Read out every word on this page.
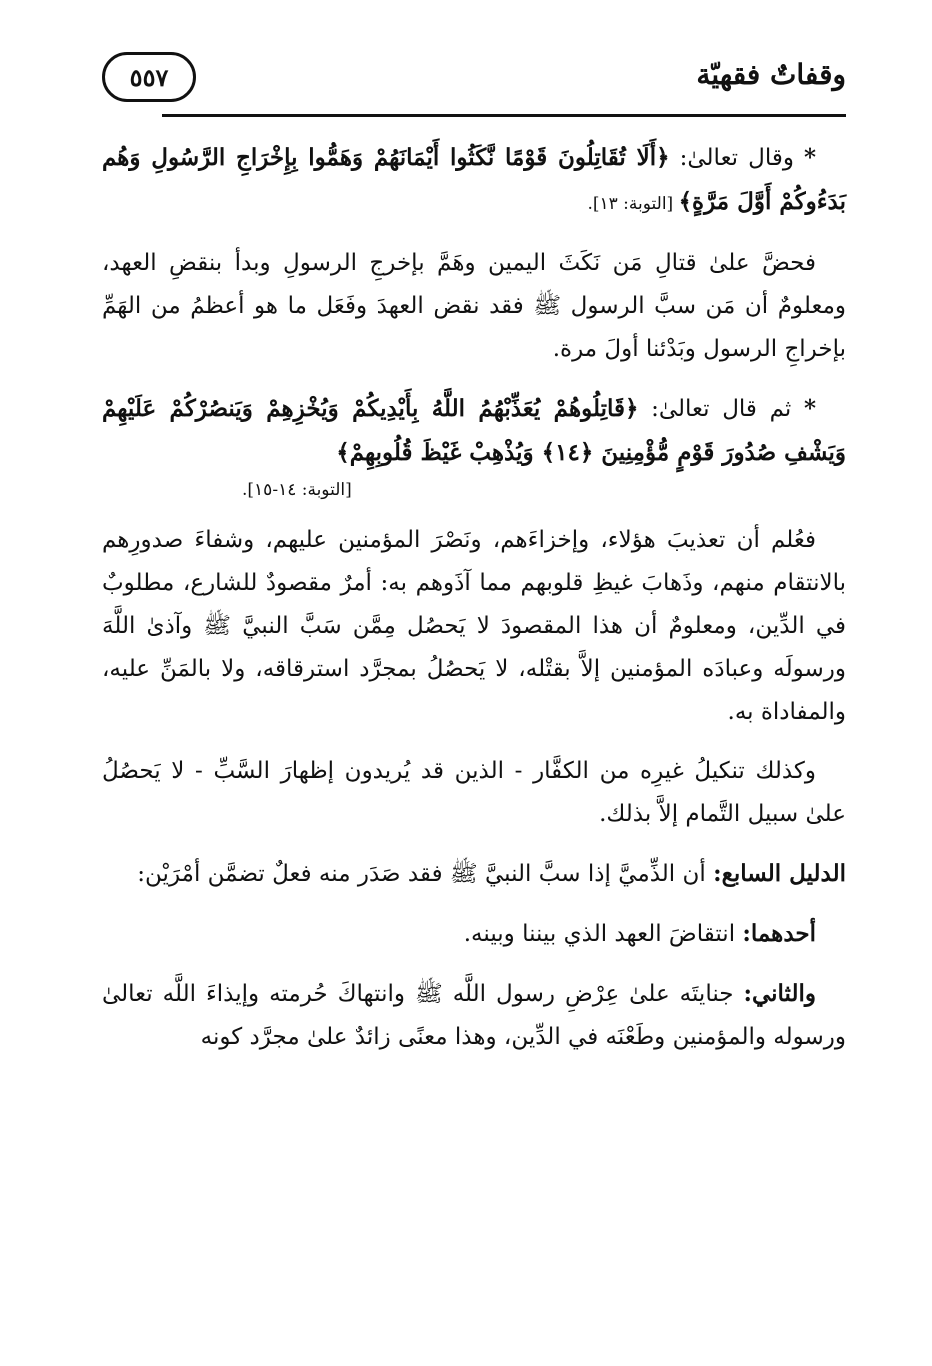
وقفاتٌ فقهيّة
٥٥٧

* وقال تعالىٰ: ﴿أَلَا تُقَاتِلُونَ قَوْمًا نَّكَثُوا أَيْمَانَهُمْ وَهَمُّوا بِإِخْرَاجِ الرَّسُولِ وَهُم بَدَءُوكُمْ أَوَّلَ مَرَّةٍ﴾ [التوبة: ١٣].

فحضَّ علىٰ قتالِ مَن نَكَثَ اليمين وهَمَّ بإخرجِ الرسولِ وبدأ بنقضِ العهد، ومعلومٌ أن مَن سبَّ الرسول ﷺ فقد نقض العهدَ وفَعَل ما هو أعظمُ من الهَمِّ بإخراجِ الرسول وبَدْئنا أولَ مرة.

* ثم قال تعالىٰ: ﴿قَاتِلُوهُمْ يُعَذِّبْهُمُ اللَّهُ بِأَيْدِيكُمْ وَيُخْزِهِمْ وَيَنصُرْكُمْ عَلَيْهِمْ وَيَشْفِ صُدُورَ قَوْمٍ مُّؤْمِنِينَ ﴿١٤﴾ وَيُذْهِبْ غَيْظَ قُلُوبِهِمْ﴾

[التوبة: ١٤-١٥].

فعُلم أن تعذيبَ هؤلاء، وإخزاءَهم، ونَصْرَ المؤمنين عليهم، وشفاءَ صدورِهم بالانتقام منهم، وذَهابَ غيظِ قلوبهم مما آذَوهم به: أمرٌ مقصودٌ للشارع، مطلوبٌ في الدِّين، ومعلومٌ أن هذا المقصودَ لا يَحصُل مِمَّن سَبَّ النبيَّ ﷺ وآذىٰ اللَّهَ ورسولَه وعبادَه المؤمنين إلاَّ بقتْله، لا يَحصُلُ بمجرَّد استرقاقه، ولا بالمَنِّ عليه، والمفاداة به.

وكذلك تنكيلُ غيرِه من الكفَّار - الذين قد يُريدون إظهارَ السَّبِّ - لا يَحصُلُ علىٰ سبيل التَّمام إلاَّ بذلك.

الدليل السابع: أن الذِّميَّ إذا سبَّ النبيَّ ﷺ فقد صَدَر منه فعلٌ تضمَّن أمْرَيْن:

أحدهما: انتقاضَ العهد الذي بيننا وبينه.

والثاني: جنايتَه علىٰ عِرْضِ رسول اللَّه ﷺ وانتهاكَ حُرمته وإيذاءَ اللَّه تعالىٰ ورسوله والمؤمنين وطَعْنَه في الدِّين، وهذا معنًى زائدٌ علىٰ مجرَّد كونه
